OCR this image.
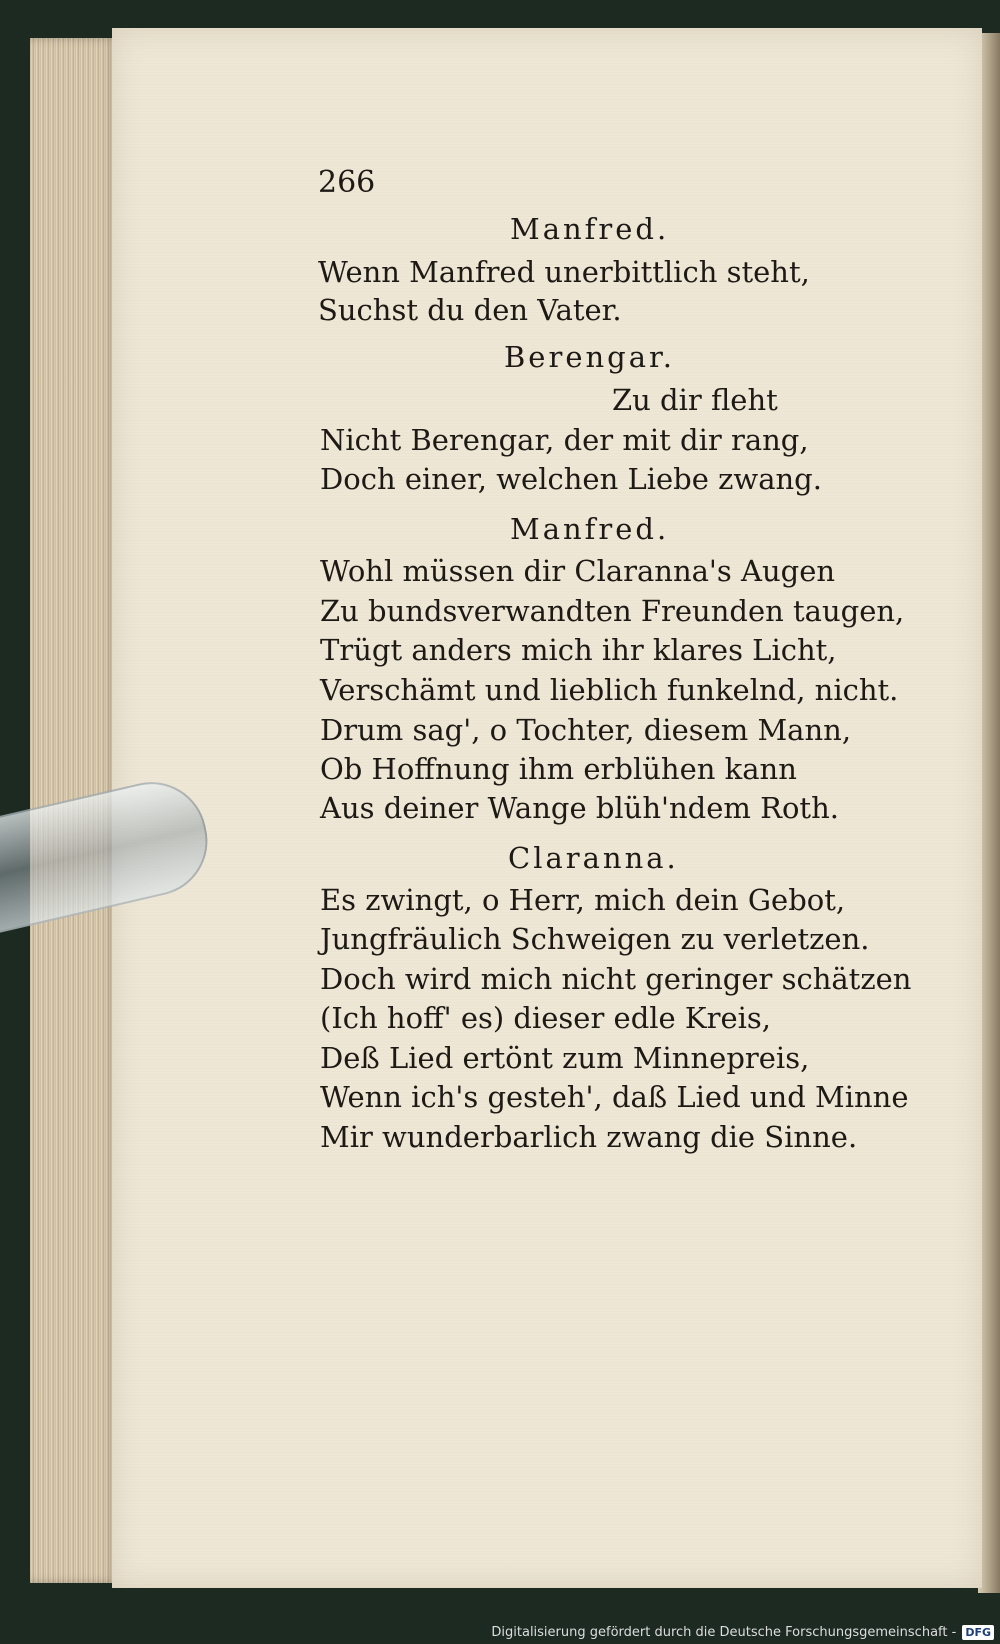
266
Manfred.
Wenn Manfred unerbittlich steht,
Suchst du den Vater.
Berengar.
Zu dir fleht
Nicht Berengar, der mit dir rang,
Doch einer, welchen Liebe zwang.
Manfred.
Wohl müssen dir Claranna's Augen
Zu bundsverwandten Freunden taugen,
Trügt anders mich ihr klares Licht,
Verschämt und lieblich funkelnd, nicht.
Drum sag', o Tochter, diesem Mann,
Ob Hoffnung ihm erblühen kann
Aus deiner Wange blüh'ndem Roth.
Claranna.
Es zwingt, o Herr, mich dein Gebot,
Jungfräulich Schweigen zu verletzen.
Doch wird mich nicht geringer schätzen
(Ich hoff' es) dieser edle Kreis,
Deß Lied ertönt zum Minnepreis,
Wenn ich's gesteh', daß Lied und Minne
Mir wunderbarlich zwang die Sinne.
Digitalisierung gefördert durch die Deutsche Forschungsgemeinschaft - DFG
